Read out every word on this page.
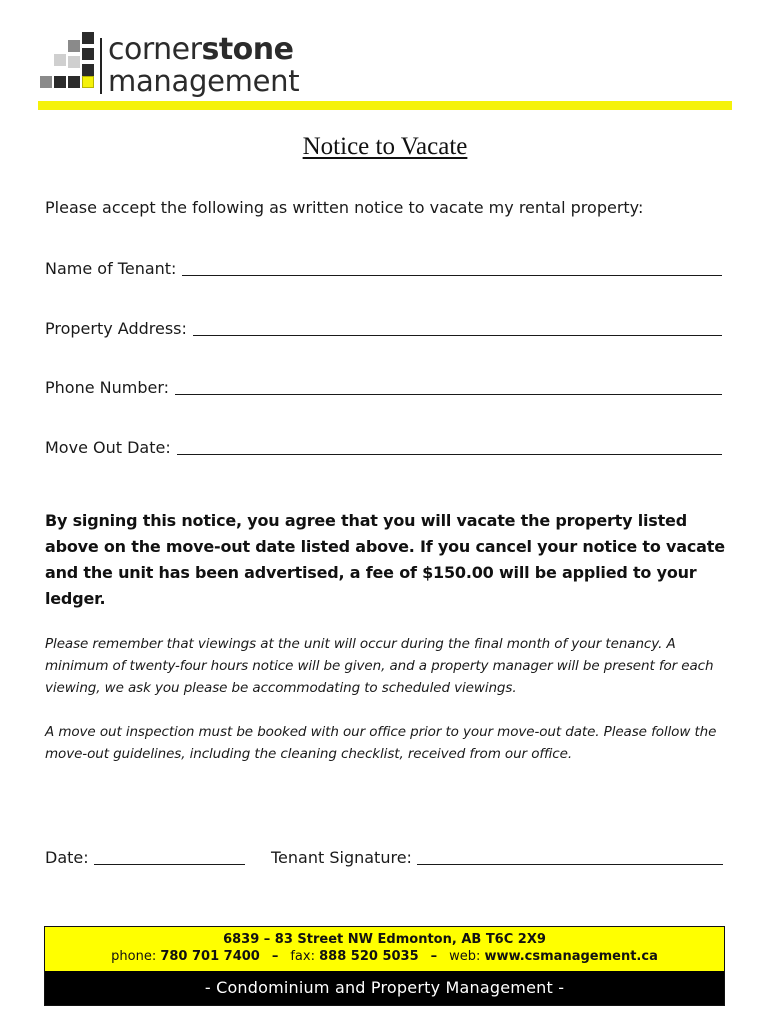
cornerstone
management
Notice to Vacate
Please accept the following as written notice to vacate my rental property:
Name of Tenant:
Property Address:
Phone Number:
Move Out Date:
By signing this notice, you agree that you will vacate the property listed above on the move-out date listed above. If you cancel your notice to vacate and the unit has been advertised, a fee of $150.00 will be applied to your ledger.
Please remember that viewings at the unit will occur during the final month of your tenancy. A minimum of twenty-four hours notice will be given, and a property manager will be present for each viewing, we ask you please be accommodating to scheduled viewings.
A move out inspection must be booked with our office prior to your move-out date. Please follow the move-out guidelines, including the cleaning checklist, received from our office.
Date:	Tenant Signature:
6839 – 83 Street NW Edmonton, AB T6C 2X9
phone: 780 701 7400 – fax: 888 520 5035 – web: www.csmanagement.ca
- Condominium and Property Management -
